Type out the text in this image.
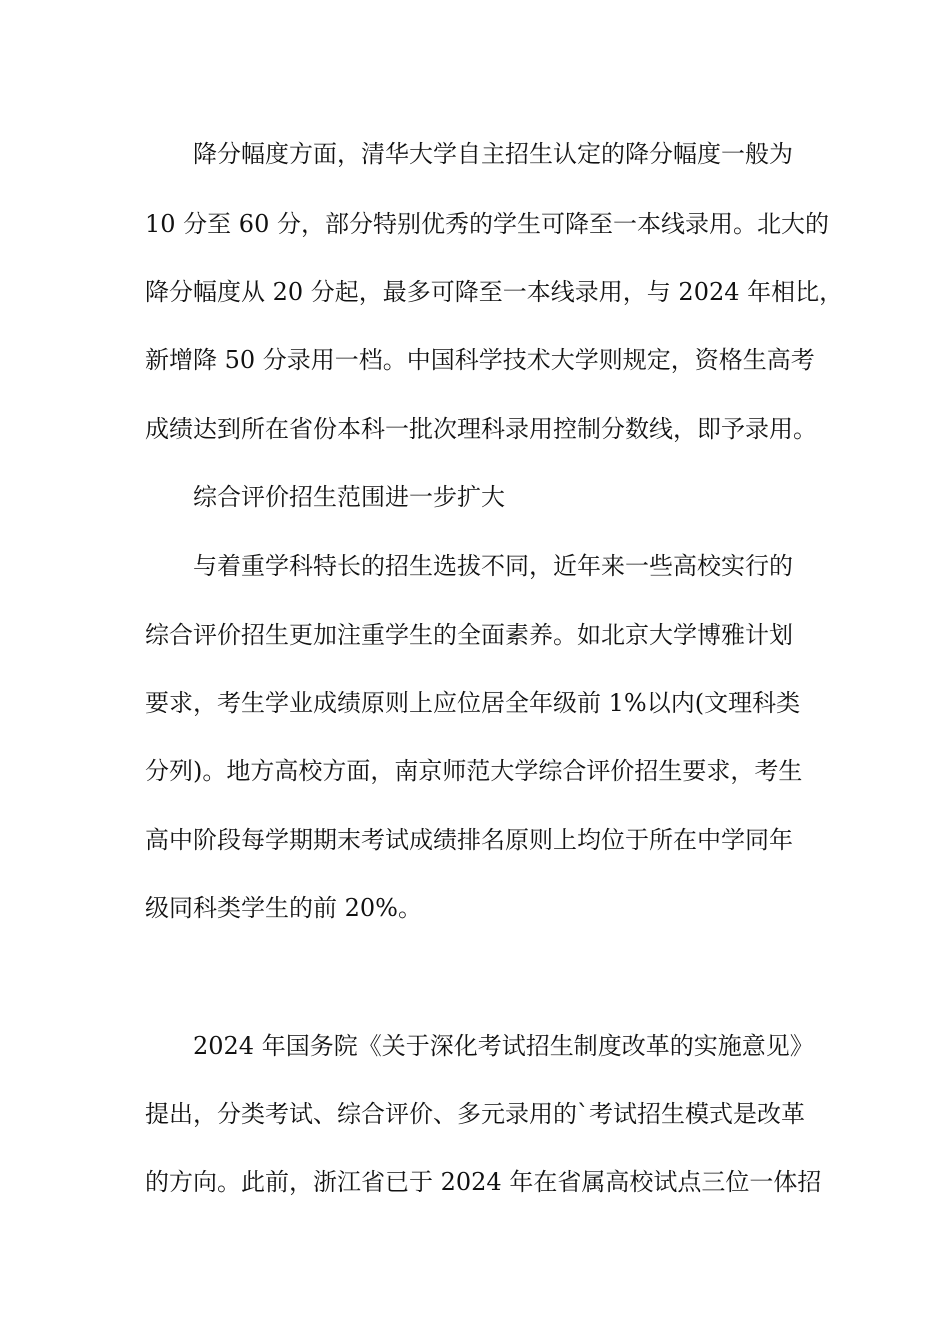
降分幅度方面，清华大学自主招生认定的降分幅度一般为
10 分至 60 分，部分特别优秀的学生可降至一本线录用。北大的
降分幅度从 20 分起，最多可降至一本线录用，与 2024 年相比，
新增降 50 分录用一档。中国科学技术大学则规定，资格生高考
成绩达到所在省份本科一批次理科录用控制分数线，即予录用。
综合评价招生范围进一步扩大
与着重学科特长的招生选拔不同，近年来一些高校实行的
综合评价招生更加注重学生的全面素养。如北京大学博雅计划
要求，考生学业成绩原则上应位居全年级前 1%以内(文理科类
分列)。地方高校方面，南京师范大学综合评价招生要求，考生
高中阶段每学期期末考试成绩排名原则上均位于所在中学同年
级同科类学生的前 20%。
2024 年国务院《关于深化考试招生制度改革的实施意见》
提出，分类考试、综合评价、多元录用的`考试招生模式是改革
的方向。此前，浙江省已于 2024 年在省属高校试点三位一体招
